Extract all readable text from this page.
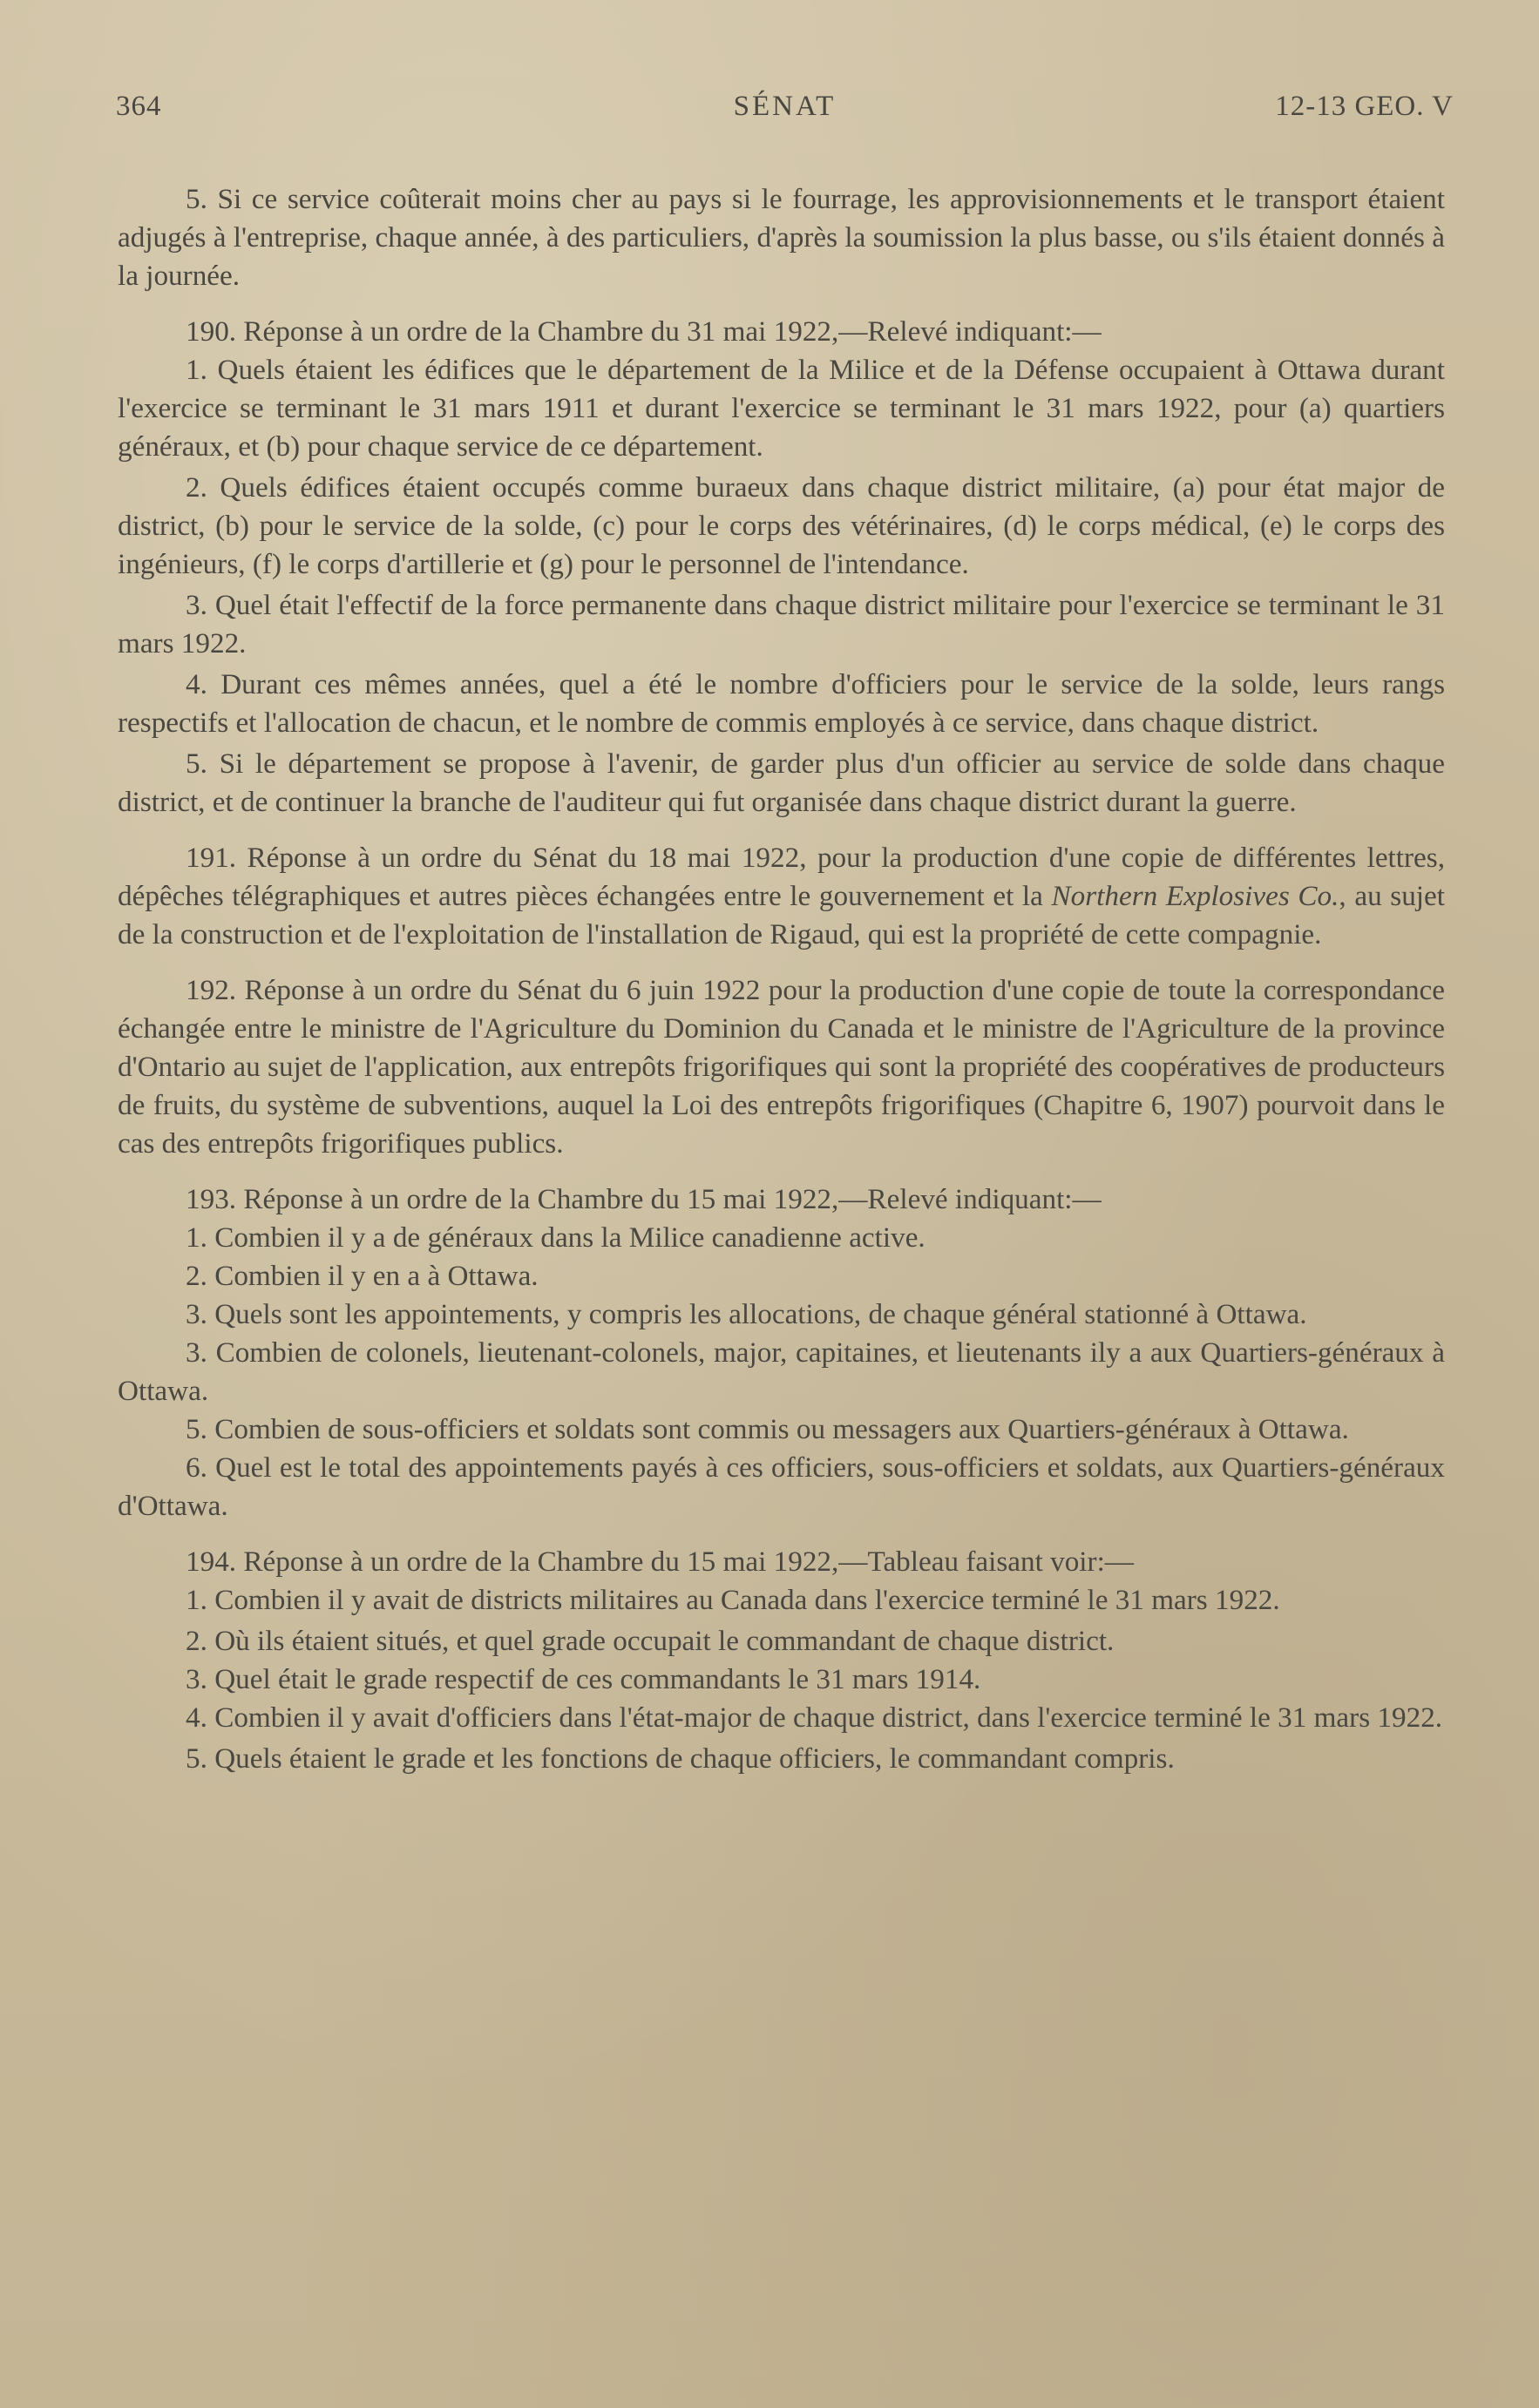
364	SÉNAT	12-13 GEO. V

5. Si ce service coûterait moins cher au pays si le fourrage, les approvisionnements et le transport étaient adjugés à l'entreprise, chaque année, à des particuliers, d'après la soumission la plus basse, ou s'ils étaient donnés à la journée.

190. Réponse à un ordre de la Chambre du 31 mai 1922,—Relevé indiquant:—

1. Quels étaient les édifices que le département de la Milice et de la Défense occupaient à Ottawa durant l'exercice se terminant le 31 mars 1911 et durant l'exercice se terminant le 31 mars 1922, pour (a) quartiers généraux, et (b) pour chaque service de ce département.

2. Quels édifices étaient occupés comme buraeux dans chaque district militaire, (a) pour état major de district, (b) pour le service de la solde, (c) pour le corps des vétérinaires, (d) le corps médical, (e) le corps des ingénieurs, (f) le corps d'artillerie et (g) pour le personnel de l'intendance.

3. Quel était l'effectif de la force permanente dans chaque district militaire pour l'exercice se terminant le 31 mars 1922.

4. Durant ces mêmes années, quel a été le nombre d'officiers pour le service de la solde, leurs rangs respectifs et l'allocation de chacun, et le nombre de commis employés à ce service, dans chaque district.

5. Si le département se propose à l'avenir, de garder plus d'un officier au service de solde dans chaque district, et de continuer la branche de l'auditeur qui fut organisée dans chaque district durant la guerre.

191. Réponse à un ordre du Sénat du 18 mai 1922, pour la production d'une copie de différentes lettres, dépêches télégraphiques et autres pièces échangées entre le gouvernement et la Northern Explosives Co., au sujet de la construction et de l'exploitation de l'installation de Rigaud, qui est la propriété de cette compagnie.

192. Réponse à un ordre du Sénat du 6 juin 1922 pour la production d'une copie de toute la correspondance échangée entre le ministre de l'Agriculture du Dominion du Canada et le ministre de l'Agriculture de la province d'Ontario au sujet de l'application, aux entrepôts frigorifiques qui sont la propriété des coopératives de producteurs de fruits, du système de subventions, auquel la Loi des entrepôts frigorifiques (Chapitre 6, 1907) pourvoit dans le cas des entrepôts frigorifiques publics.

193. Réponse à un ordre de la Chambre du 15 mai 1922,—Relevé indiquant:—

1. Combien il y a de généraux dans la Milice canadienne active.

2. Combien il y en a à Ottawa.

3. Quels sont les appointements, y compris les allocations, de chaque général stationné à Ottawa.

3. Combien de colonels, lieutenant-colonels, major, capitaines, et lieutenants ily a aux Quartiers-généraux à Ottawa.

5. Combien de sous-officiers et soldats sont commis ou messagers aux Quartiers-généraux à Ottawa.

6. Quel est le total des appointements payés à ces officiers, sous-officiers et soldats, aux Quartiers-généraux d'Ottawa.

194. Réponse à un ordre de la Chambre du 15 mai 1922,—Tableau faisant voir:—

1. Combien il y avait de districts militaires au Canada dans l'exercice terminé le 31 mars 1922.

2. Où ils étaient situés, et quel grade occupait le commandant de chaque district.

3. Quel était le grade respectif de ces commandants le 31 mars 1914.

4. Combien il y avait d'officiers dans l'état-major de chaque district, dans l'exercice terminé le 31 mars 1922.

5. Quels étaient le grade et les fonctions de chaque officiers, le commandant compris.
